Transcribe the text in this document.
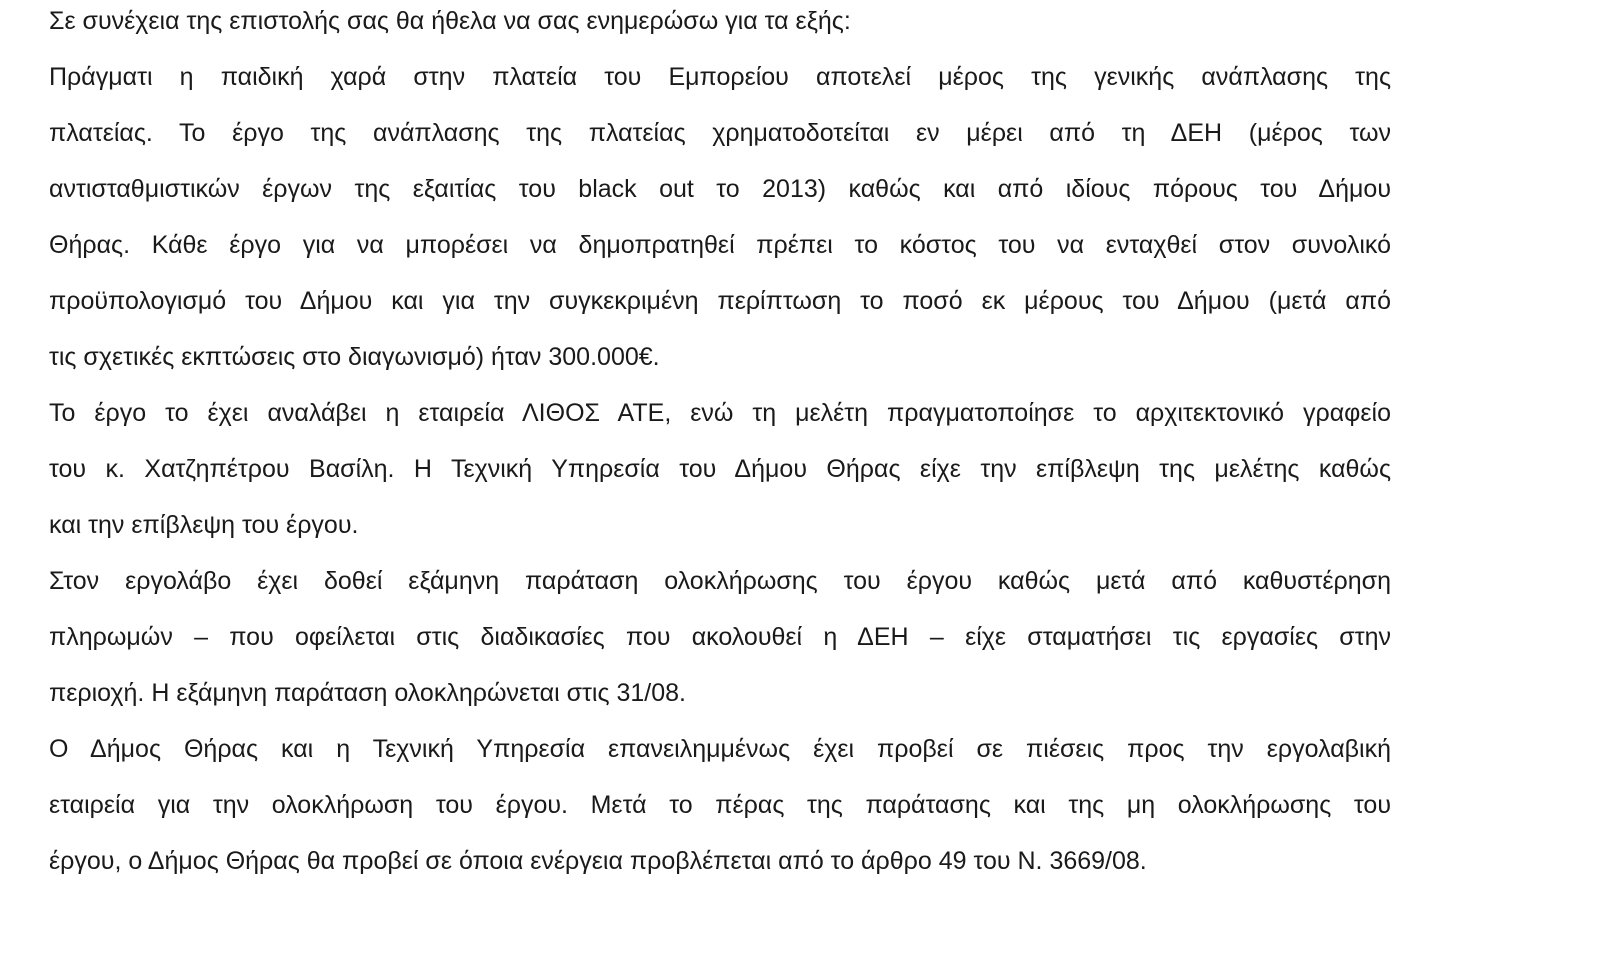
Σε συνέχεια της επιστολής σας θα ήθελα να σας ενημερώσω για τα εξής:
Πράγματι η παιδική χαρά στην πλατεία του Εμπορείου αποτελεί μέρος της γενικής ανάπλασης της
πλατείας. Το έργο της ανάπλασης της πλατείας χρηματοδοτείται εν μέρει από τη ΔΕΗ (μέρος των
αντισταθμιστικών έργων της εξαιτίας του black out το 2013) καθώς και από ιδίους πόρους του Δήμου
Θήρας. Κάθε έργο για να μπορέσει να δημοπρατηθεί πρέπει το κόστος του να ενταχθεί στον συνολικό
προϋπολογισμό του Δήμου και για την συγκεκριμένη περίπτωση το ποσό εκ μέρους του Δήμου (μετά από
τις σχετικές εκπτώσεις στο διαγωνισμό) ήταν 300.000€.
Το έργο το έχει αναλάβει η εταιρεία ΛΙΘΟΣ ΑΤΕ, ενώ τη μελέτη πραγματοποίησε το αρχιτεκτονικό γραφείο
του κ. Χατζηπέτρου Βασίλη. Η Τεχνική Υπηρεσία του Δήμου Θήρας είχε την επίβλεψη της μελέτης καθώς
και την επίβλεψη του έργου.
Στον εργολάβο έχει δοθεί εξάμηνη παράταση ολοκλήρωσης του έργου καθώς μετά από καθυστέρηση
πληρωμών – που οφείλεται στις διαδικασίες που ακολουθεί η ΔΕΗ – είχε σταματήσει τις εργασίες στην
περιοχή. Η εξάμηνη παράταση ολοκληρώνεται στις 31/08.
Ο Δήμος Θήρας και η Τεχνική Υπηρεσία επανειλημμένως έχει προβεί σε πιέσεις προς την εργολαβική
εταιρεία για την ολοκλήρωση του έργου. Μετά το πέρας της παράτασης και της μη ολοκλήρωσης του
έργου, ο Δήμος Θήρας θα προβεί σε όποια ενέργεια προβλέπεται από το άρθρο 49 του Ν. 3669/08.
